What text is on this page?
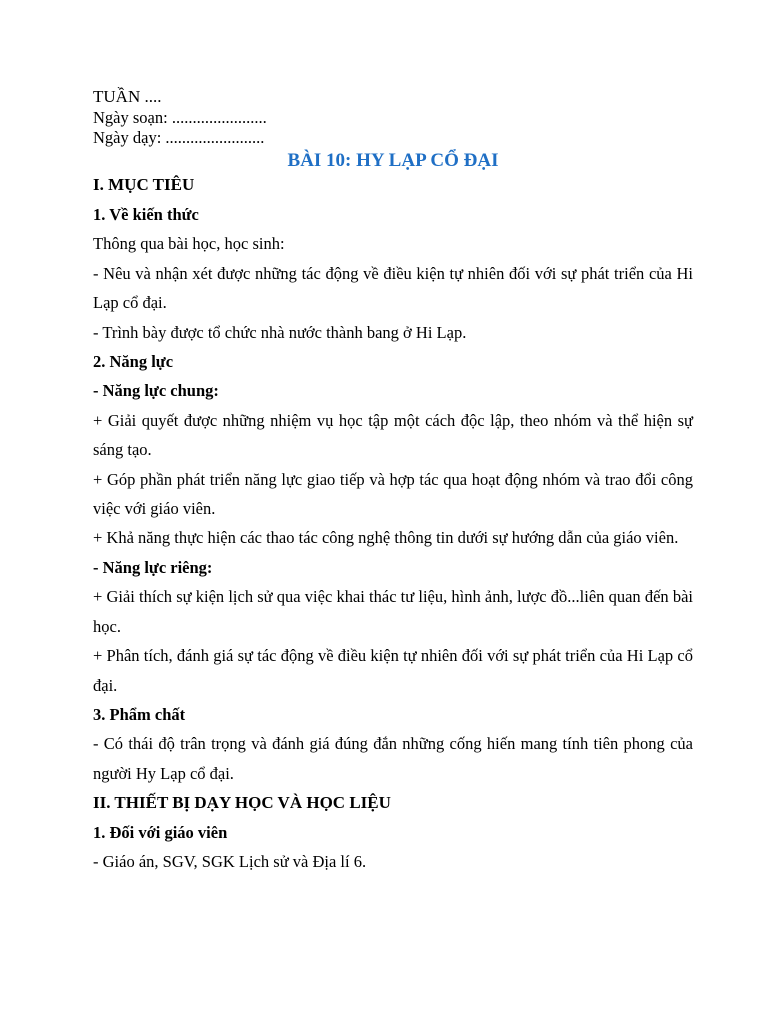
TUẦN ....

Ngày soạn: .......................

Ngày dạy: ........................

BÀI 10: HY LẠP CỔ ĐẠI

I. MỤC TIÊU

1. Về kiến thức

Thông qua bài học, học sinh:

- Nêu và nhận xét được những tác động về điều kiện tự nhiên đối với sự phát triển của Hi Lạp cổ đại.

- Trình bày được tổ chức nhà nước thành bang ở Hi Lạp.

2. Năng lực

- Năng lực chung:

+ Giải quyết được những nhiệm vụ học tập một cách độc lập, theo nhóm và thể hiện sự sáng tạo.

+ Góp phần phát triển năng lực giao tiếp và hợp tác qua hoạt động nhóm và trao đổi công việc với giáo viên.

+ Khả năng thực hiện các thao tác công nghệ thông tin dưới sự hướng dẫn của giáo viên.

- Năng lực riêng:

+ Giải thích sự kiện lịch sử qua việc khai thác tư liệu, hình ảnh, lược đồ...liên quan đến bài học.

+ Phân tích, đánh giá sự tác động về điều kiện tự nhiên đối với sự phát triển của Hi Lạp cổ đại.

3. Phẩm chất

- Có thái độ trân trọng và đánh giá đúng đắn những cống hiến mang tính tiên phong của người Hy Lạp cổ đại.

II. THIẾT BỊ DẠY HỌC VÀ HỌC LIỆU

1. Đối với giáo viên

- Giáo án, SGV, SGK Lịch sử và Địa lí 6.
